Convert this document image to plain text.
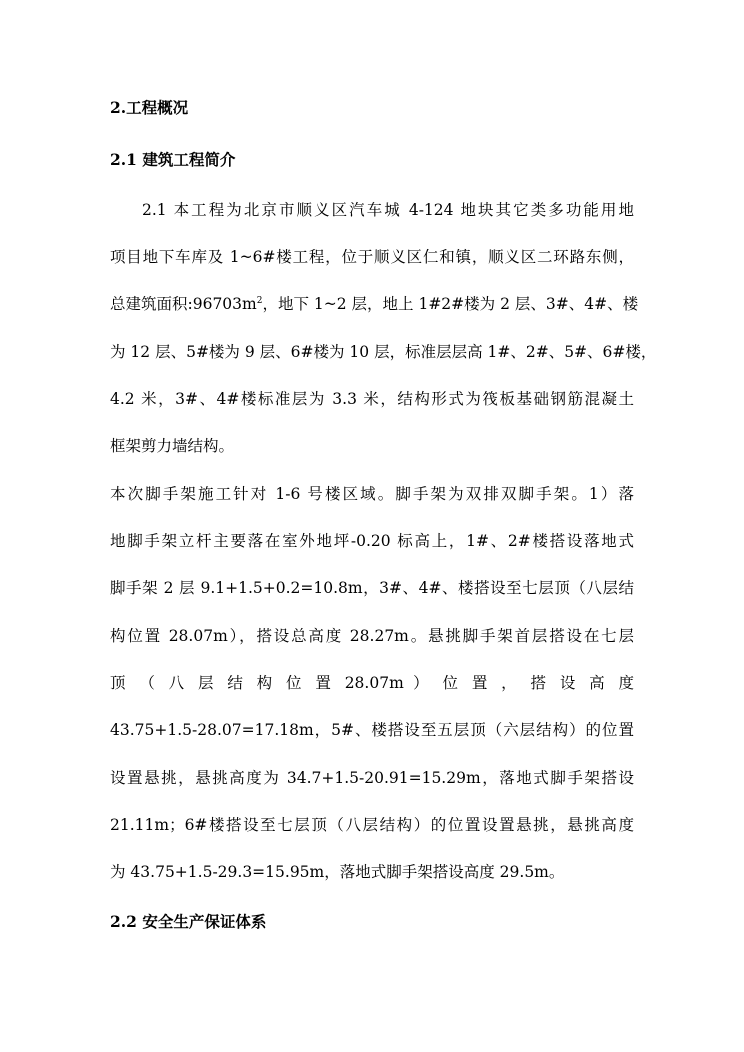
2.工程概况
2.1 建筑工程简介
2.1 本工程为北京市顺义区汽车城 4-124 地块其它类多功能用地
项目地下车库及 1~6#楼工程，位于顺义区仁和镇，顺义区二环路东侧，
总建筑面积$:96703m^2$，地下 1~2 层，地上 1#2#楼为 2 层、3#、4#、楼
为 12 层、5#楼为 9 层、6#楼为 10 层，标准层层高 1#、2#、5#、6#楼，
4.2 米，3#、4#楼标准层为 3.3 米，结构形式为筏板基础钢筋混凝土
框架剪力墙结构。
本次脚手架施工针对 1-6 号楼区域。脚手架为双排双脚手架。1）落
地脚手架立杆主要落在室外地坪-0.20 标高上，1#、2#楼搭设落地式
脚手架 2 层 9.1+1.5+0.2=10.8m，3#、4#、楼搭设至七层顶（八层结
构位置 28.07m），搭设总高度 28.27m。悬挑脚手架首层搭设在七层
顶 （ 八 层 结 构 位 置 28.07m ） 位 置 ， 搭 设 高 度
43.75+1.5-28.07=17.18m，5#、楼搭设至五层顶（六层结构）的位置
设置悬挑，悬挑高度为 34.7+1.5-20.91=15.29m，落地式脚手架搭设
21.11m；6#楼搭设至七层顶（八层结构）的位置设置悬挑，悬挑高度
为 43.75+1.5-29.3=15.95m，落地式脚手架搭设高度 29.5m。
2.2 安全生产保证体系
